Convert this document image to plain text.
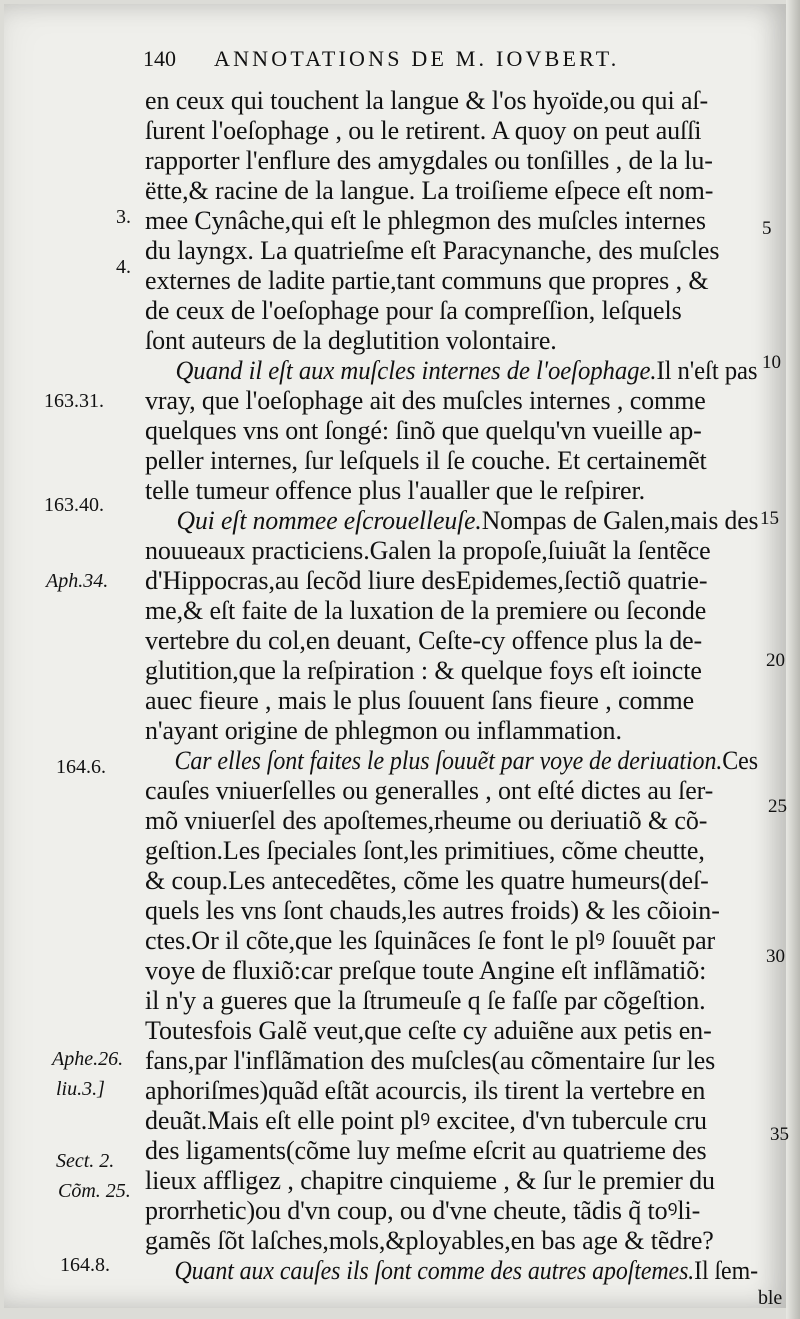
140 ANNOTATIONS DE M. IOVBERT.
en ceux qui touchent la langue & l'os hyoïde,ou qui aſ-
ſurent l'oeſophage , ou le retirent. A quoy on peut auſſi
rapporter l'enflure des amygdales ou tonſilles , de la lu-
ëtte,& racine de la langue. La troiſieme eſpece eſt nom-
mee Cynâche,qui eſt le phlegmon des muſcles internes
du layngx. La quatrieſme eſt Paracynanche, des muſcles
externes de ladite partie,tant communs que propres , &
de ceux de l'oeſophage pour ſa compreſſion, leſquels
ſont auteurs de la deglutition volontaire.
Quand il eſt aux muſcles internes de l'oeſophage.Il n'eſt pas
vray, que l'oeſophage ait des muſcles internes , comme
quelques vns ont ſongé: ſinõ que quelqu'vn vueille ap-
peller internes, ſur leſquels il ſe couche. Et certainemẽt
telle tumeur offence plus l'aualler que le reſpirer.
Qui eſt nommee eſcrouelleuſe.Nompas de Galen,mais des
nouueaux practiciens.Galen la propoſe,ſuiuãt la ſentẽce
d'Hippocras,au ſecõd liure desEpidemes,ſectiõ quatrie-
me,& eſt faite de la luxation de la premiere ou ſeconde
vertebre du col,en deuant, Ceſte-cy offence plus la de-
glutition,que la reſpiration : & quelque foys eſt ioincte
auec fieure , mais le plus ſouuent ſans fieure , comme
n'ayant origine de phlegmon ou inflammation.
Car elles ſont faites le plus ſouuẽt par voye de deriuation.Ces
cauſes vniuerſelles ou generalles , ont eſté dictes au ſer-
mõ vniuerſel des apoſtemes,rheume ou deriuatiõ & cõ-
geſtion.Les ſpeciales ſont,les primitiues, cõme cheutte,
& coup.Les antecedẽtes, cõme les quatre humeurs(deſ-
quels les vns ſont chauds,les autres froids) & les cõioin-
ctes.Or il cõte,que les ſquinãces ſe font le plꝰ ſouuẽt par
voye de fluxiõ:car preſque toute Angine eſt inflãmatiõ:
il n'y a gueres que la ſtrumeuſe q ſe faſſe par cõgeſtion.
Toutesfois Galẽ veut,que ceſte cy aduiẽne aux petis en-
fans,par l'inflãmation des muſcles(au cõmentaire ſur les
aphoriſmes)quãd eſtãt acourcis, ils tirent la vertebre en
deuãt.Mais eſt elle point plꝰ excitee, d'vn tubercule cru
des ligaments(cõme luy meſme eſcrit au quatrieme des
lieux affligez , chapitre cinquieme , & ſur le premier du
prorrhetic)ou d'vn coup, ou d'vne cheute, tãdis q̃ toꝰli-
gamẽs ſõt laſches,mols,&ployables,en bas age & tẽdre?
Quant aux cauſes ils ſont comme des autres apoſtemes.Il ſem-
ble
3.
4.
163.31.
163.40.
Aph.34.
164.6.
Aphe.26.
liu.3.]
Sect. 2.
Cõm. 25.
164.8.
5
10
15
20
25
30
35
